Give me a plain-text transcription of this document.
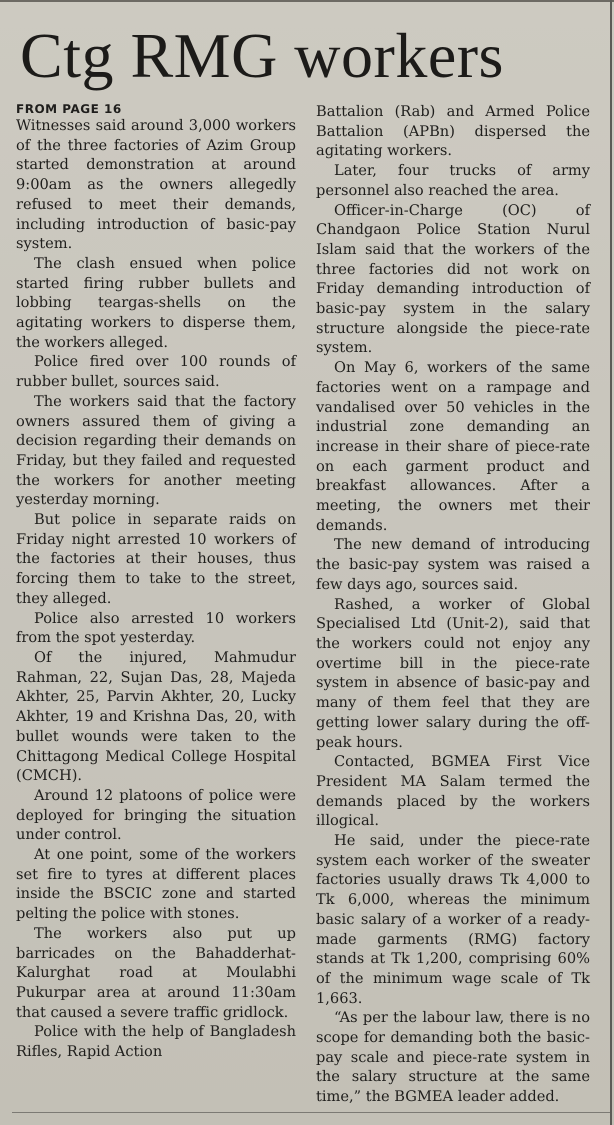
Ctg RMG workers
FROM PAGE 16

Witnesses said around 3,000 workers of the three factories of Azim Group started demonstration at around 9:00am as the owners allegedly refused to meet their demands, including introduction of basic-pay system.

The clash ensued when police started firing rubber bullets and lobbing teargas-shells on the agitating workers to disperse them, the workers alleged.

Police fired over 100 rounds of rubber bullet, sources said.

The workers said that the factory owners assured them of giving a decision regarding their demands on Friday, but they failed and requested the workers for another meeting yesterday morning.

But police in separate raids on Friday night arrested 10 workers of the factories at their houses, thus forcing them to take to the street, they alleged.

Police also arrested 10 workers from the spot yesterday.

Of the injured, Mahmudur Rahman, 22, Sujan Das, 28, Majeda Akhter, 25, Parvin Akhter, 20, Lucky Akhter, 19 and Krishna Das, 20, with bullet wounds were taken to the Chittagong Medical College Hospital (CMCH).

Around 12 platoons of police were deployed for bringing the situation under control.

At one point, some of the workers set fire to tyres at different places inside the BSCIC zone and started pelting the police with stones.

The workers also put up barricades on the Bahadderhat-Kalurghat road at Moulabhi Pukurpar area at around 11:30am that caused a severe traffic gridlock.

Police with the help of Bangladesh Rifles, Rapid Action

Battalion (Rab) and Armed Police Battalion (APBn) dispersed the agitating workers.

Later, four trucks of army personnel also reached the area.

Officer-in-Charge (OC) of Chandgaon Police Station Nurul Islam said that the workers of the three factories did not work on Friday demanding introduction of basic-pay system in the salary structure alongside the piece-rate system.

On May 6, workers of the same factories went on a rampage and vandalised over 50 vehicles in the industrial zone demanding an increase in their share of piece-rate on each garment product and breakfast allowances. After a meeting, the owners met their demands.

The new demand of introducing the basic-pay system was raised a few days ago, sources said.

Rashed, a worker of Global Specialised Ltd (Unit-2), said that the workers could not enjoy any overtime bill in the piece-rate system in absence of basic-pay and many of them feel that they are getting lower salary during the off-peak hours.

Contacted, BGMEA First Vice President MA Salam termed the demands placed by the workers illogical.

He said, under the piece-rate system each worker of the sweater factories usually draws Tk 4,000 to Tk 6,000, whereas the minimum basic salary of a worker of a ready-made garments (RMG) factory stands at Tk 1,200, comprising 60% of the minimum wage scale of Tk 1,663.

“As per the labour law, there is no scope for demanding both the basic-pay scale and piece-rate system in the salary structure at the same time,” the BGMEA leader added.
